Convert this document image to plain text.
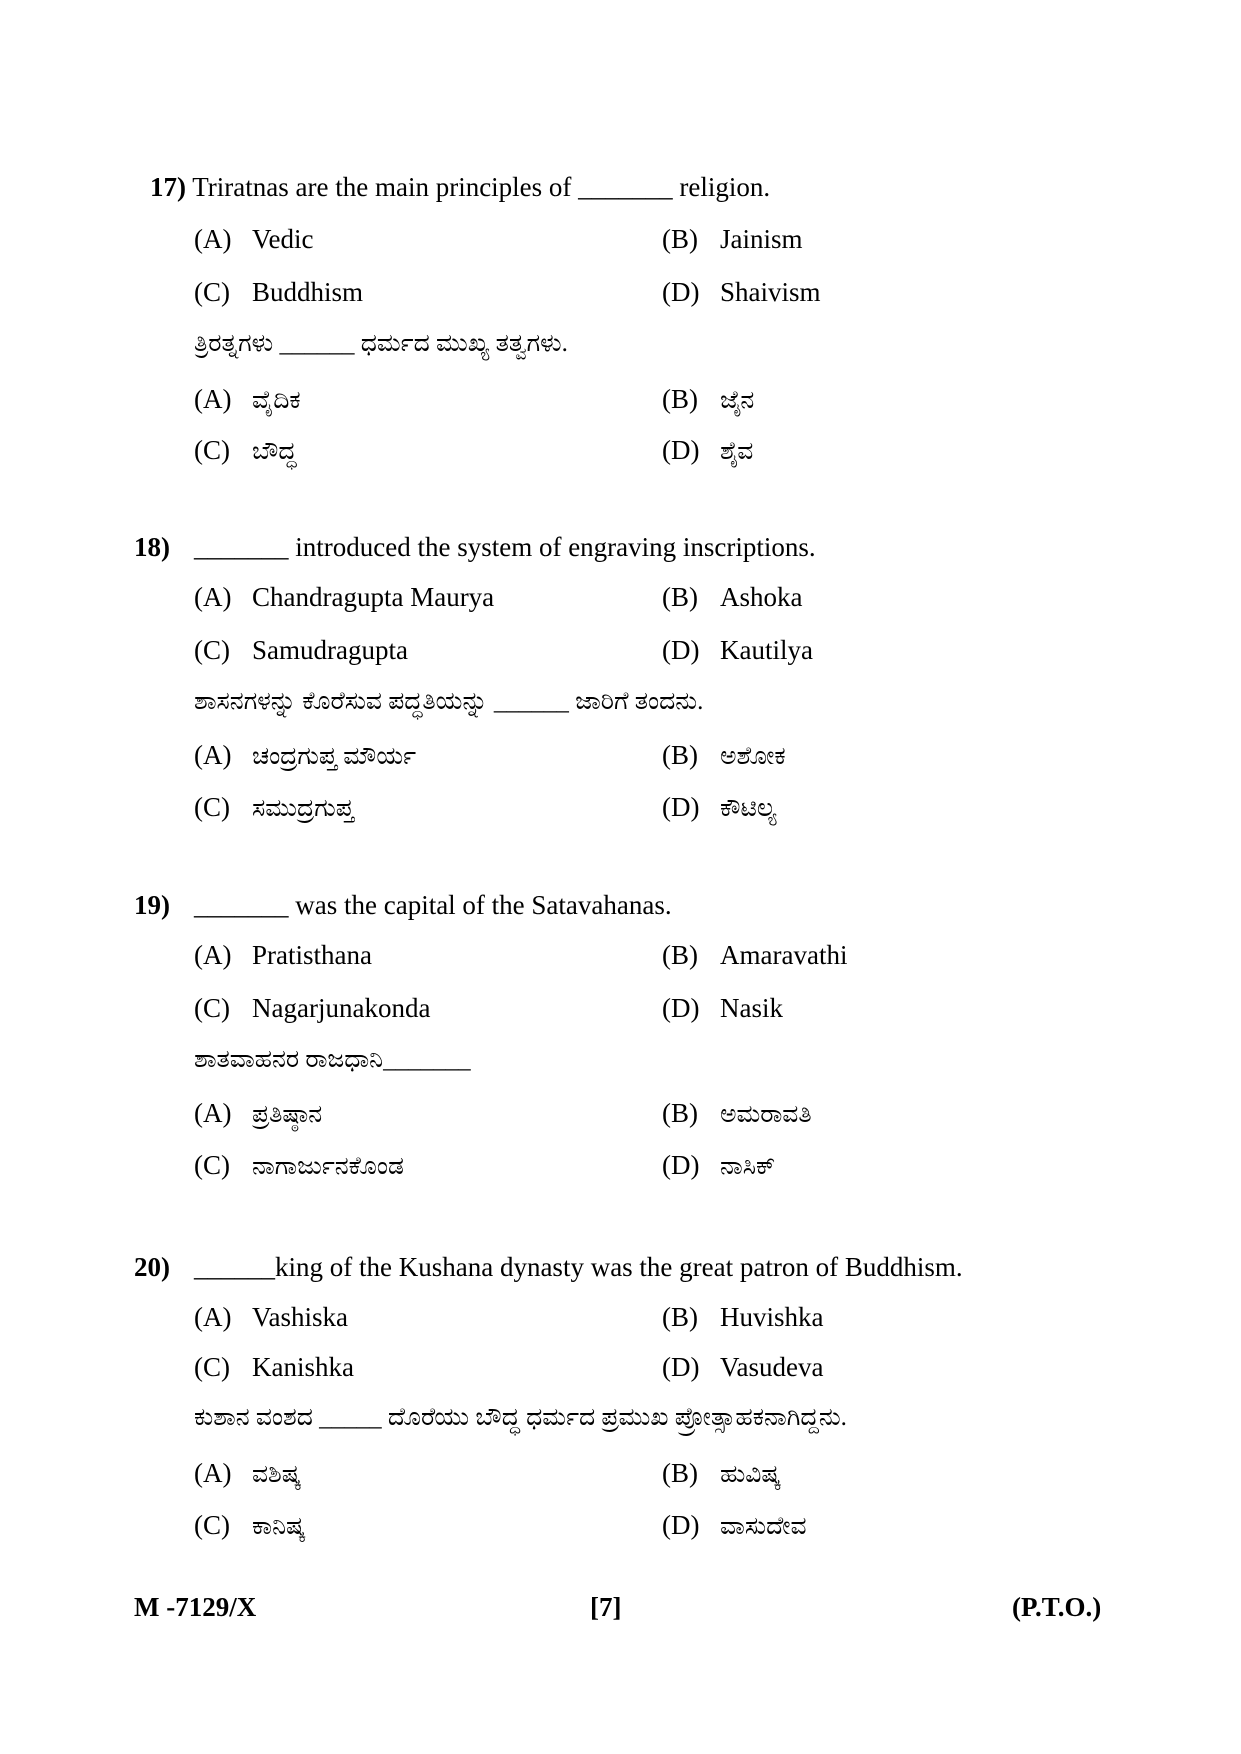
17) Triratnas are the main principles of _______ religion.
(A) Vedic	(B) Jainism
(C) Buddhism	(D) Shaivism
ತ್ರಿರತ್ನಗಳು ______ ಧರ್ಮದ ಮುಖ್ಯ ತತ್ವಗಳು.
(A) ವೈದಿಕ	(B) ಜೈನ
(C) ಬೌದ್ಧ	(D) ಶೈವ
18) _______ introduced the system of engraving inscriptions.
(A) Chandragupta Maurya	(B) Ashoka
(C) Samudragupta	(D) Kautilya
ಶಾಸನಗಳನ್ನು ಕೊರೆಸುವ ಪದ್ಧತಿಯನ್ನು ______ ಜಾರಿಗೆ ತಂದನು.
(A) ಚಂದ್ರಗುಪ್ತ ಮೌರ್ಯ	(B) ಅಶೋಕ
(C) ಸಮುದ್ರಗುಪ್ತ	(D) ಕೌಟಿಲ್ಯ
19) _______ was the capital of the Satavahanas.
(A) Pratisthana	(B) Amaravathi
(C) Nagarjunakonda	(D) Nasik
ಶಾತವಾಹನರ ರಾಜಧಾನಿ_______
(A) ಪ್ರತಿಷ್ಠಾನ	(B) ಅಮರಾವತಿ
(C) ನಾಗಾರ್ಜುನಕೊಂಡ	(D) ನಾಸಿಕ್
20) ______king of the Kushana dynasty was the great patron of Buddhism.
(A) Vashiska	(B) Huvishka
(C) Kanishka	(D) Vasudeva
ಕುಶಾನ ವಂಶದ _____ ದೊರೆಯು ಬೌದ್ಧ ಧರ್ಮದ ಪ್ರಮುಖ ಪ್ರೋತ್ಸಾಹಕನಾಗಿದ್ದನು.
(A) ವಶಿಷ್ಕ	(B) ಹುವಿಷ್ಕ
(C) ಕಾನಿಷ್ಕ	(D) ವಾಸುದೇವ
M -7129/X	[7]	(P.T.O.)
